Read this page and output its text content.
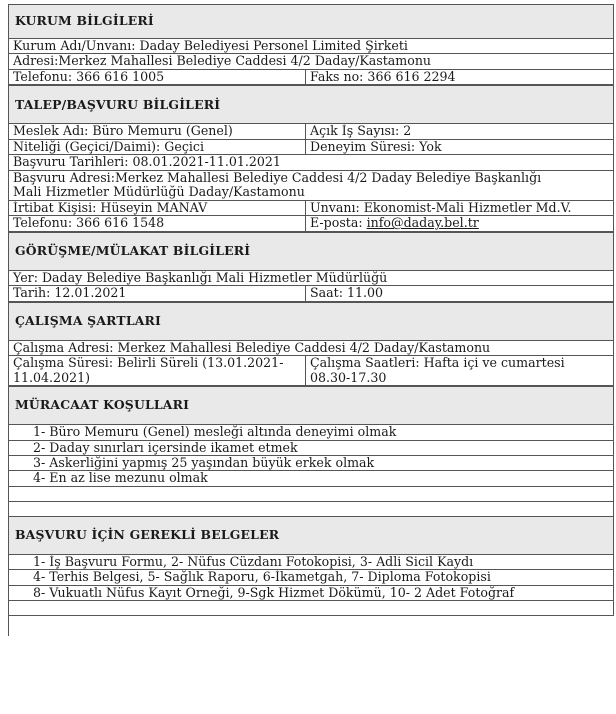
KURUM BİLGİLERİ
Kurum Adı/Unvanı: Daday Belediyesi Personel Limited Şirketi
Adresi:Merkez Mahallesi Belediye Caddesi 4/2 Daday/Kastamonu
Telefonu: 366 616 1005	Faks no: 366 616 2294
TALEP/BAŞVURU BİLGİLERİ
Meslek Adı: Büro Memuru (Genel)	Açık İş Sayısı: 2
Niteliği (Geçici/Daimi): Geçici	Deneyim Süresi: Yok
Başvuru Tarihleri: 08.01.2021-11.01.2021
Başvuru Adresi:Merkez Mahallesi Belediye Caddesi 4/2 Daday Belediye Başkanlığı
Mali Hizmetler Müdürlüğü Daday/Kastamonu
İrtibat Kişisi: Hüseyin MANAV	Unvanı: Ekonomist-Mali Hizmetler Md.V.
Telefonu: 366 616 1548	E-posta: info@daday.bel.tr
GÖRÜŞME/MÜLAKAT BİLGİLERİ
Yer: Daday Belediye Başkanlığı Mali Hizmetler Müdürlüğü
Tarih: 12.01.2021	Saat: 11.00
ÇALIŞMA ŞARTLARI
Çalışma Adresi: Merkez Mahallesi Belediye Caddesi 4/2 Daday/Kastamonu
Çalışma Süresi: Belirli Süreli (13.01.2021-
11.04.2021)
Çalışma Saatleri: Hafta içi ve cumartesi
08.30-17.30
MÜRACAAT KOŞULLARI
1- Büro Memuru (Genel) mesleği altında deneyimi olmak
2- Daday sınırları içersinde ikamet etmek
3- Askerliğini yapmış 25 yaşından büyük erkek olmak
4- En az lise mezunu olmak
BAŞVURU İÇİN GEREKLİ BELGELER
1- İş Başvuru Formu, 2- Nüfus Cüzdanı Fotokopisi, 3- Adli Sicil Kaydı
4- Terhis Belgesi, 5- Sağlık Raporu, 6-İkametgah, 7- Diploma Fotokopisi
8- Vukuatlı Nüfus Kayıt Örneği, 9-Sgk Hizmet Dökümü, 10- 2 Adet Fotoğraf
